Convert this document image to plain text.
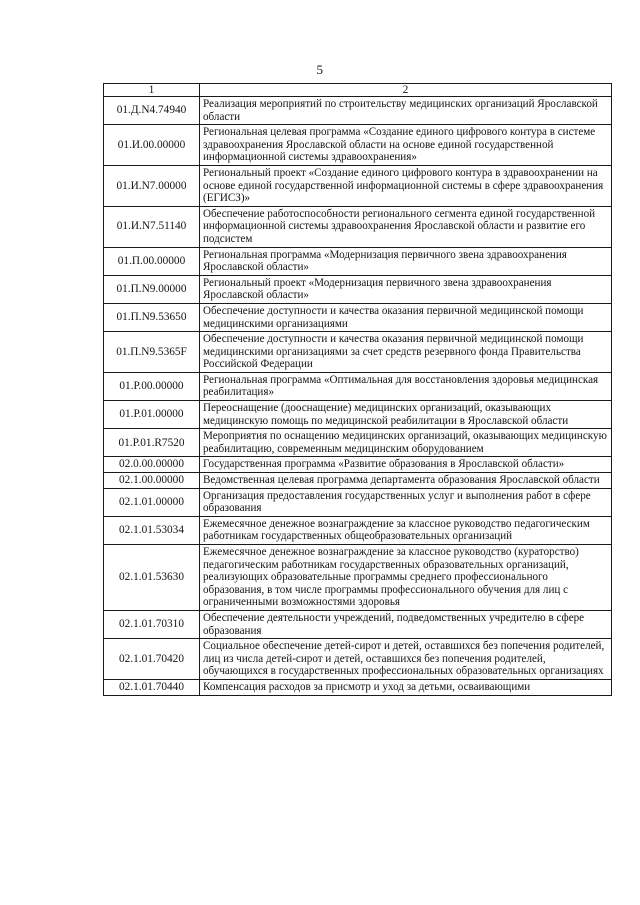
5
1	2
01.Д.N4.74940	Реализация мероприятий по строительству медицинских организаций Ярославской области
01.И.00.00000	Региональная целевая программа «Создание единого цифрового контура в системе здравоохранения Ярославской области на основе единой государственной информационной системы здравоохранения»
01.И.N7.00000	Региональный проект «Создание единого цифрового контура в здравоохранении на основе единой государственной информационной системы в сфере здравоохранения (ЕГИСЗ)»
01.И.N7.51140	Обеспечение работоспособности регионального сегмента единой государственной информационной системы здравоохранения Ярославской области и развитие его подсистем
01.П.00.00000	Региональная программа «Модернизация первичного звена здравоохранения Ярославской области»
01.П.N9.00000	Региональный проект «Модернизация первичного звена здравоохранения Ярославской области»
01.П.N9.53650	Обеспечение доступности и качества оказания первичной медицинской помощи медицинскими организациями
01.П.N9.5365F	Обеспечение доступности и качества оказания первичной медицинской помощи медицинскими организациями за счет средств резервного фонда Правительства Российской Федерации
01.Р.00.00000	Региональная программа «Оптимальная для восстановления здоровья медицинская реабилитация»
01.Р.01.00000	Переоснащение (дооснащение) медицинских организаций, оказывающих медицинскую помощь по медицинской реабилитации в Ярославской области
01.Р.01.R7520	Мероприятия по оснащению медицинских организаций, оказывающих медицинскую реабилитацию, современным медицинским оборудованием
02.0.00.00000	Государственная программа «Развитие образования в Ярославской области»
02.1.00.00000	Ведомственная целевая программа департамента образования Ярославской области
02.1.01.00000	Организация предоставления государственных услуг и выполнения работ в сфере образования
02.1.01.53034	Ежемесячное денежное вознаграждение за классное руководство педагогическим работникам государственных общеобразовательных организаций
02.1.01.53630	Ежемесячное денежное вознаграждение за классное руководство (кураторство) педагогическим работникам государственных образовательных организаций, реализующих образовательные программы среднего профессионального образования, в том числе программы профессионального обучения для лиц с ограниченными возможностями здоровья
02.1.01.70310	Обеспечение деятельности учреждений, подведомственных учредителю в сфере образования
02.1.01.70420	Социальное обеспечение детей-сирот и детей, оставшихся без попечения родителей, лиц из числа детей-сирот и детей, оставшихся без попечения родителей, обучающихся в государственных профессиональных образовательных организациях
02.1.01.70440	Компенсация расходов за присмотр и уход за детьми, осваивающими
